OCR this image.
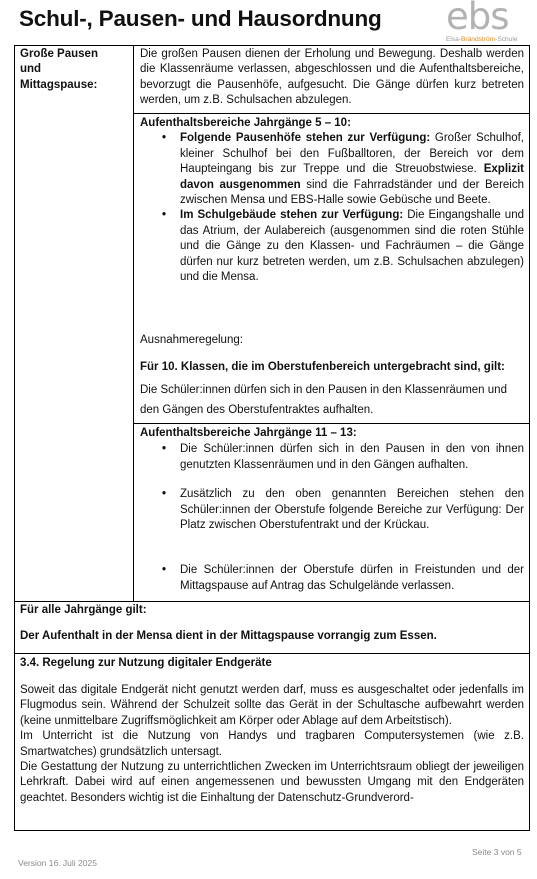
Schul-, Pausen- und Hausordnung ebs
Elsa-Brändström-Schule
Große Pausen und Mittagspause:
Die großen Pausen dienen der Erholung und Bewegung. Deshalb werden die Klassenräume verlassen, abgeschlossen und die Aufenthaltsbereiche, bevorzugt die Pausenhöfe, aufgesucht. Die Gänge dürfen kurz betreten werden, um z.B. Schulsachen abzulegen.

Aufenthaltsbereiche Jahrgänge 5 – 10:

• Folgende Pausenhöfe stehen zur Verfügung: Großer Schulhof, kleiner Schulhof bei den Fußballtoren, der Bereich vor dem Haupteingang bis zur Treppe und die Streuobstwiese. Explizit davon ausgenommen sind die Fahrradständer und der Bereich zwischen Mensa und EBS-Halle sowie Gebüsche und Beete.
• Im Schulgebäude stehen zur Verfügung: Die Eingangshalle und das Atrium, der Aulabereich (ausgenommen sind die roten Stühle und die Gänge zu den Klassen- und Fachräumen – die Gänge dürfen nur kurz betreten werden, um z.B. Schulsachen abzulegen) und die Mensa.
Ausnahmeregelung:
Für 10. Klassen, die im Oberstufenbereich untergebracht sind, gilt:
Die Schüler:innen dürfen sich in den Pausen in den Klassenräumen und den Gängen des Oberstufentraktes aufhalten.

Aufenthaltsbereiche Jahrgänge 11 – 13:

• Die Schüler:innen dürfen sich in den Pausen in den von ihnen genutzten Klassenräumen und in den Gängen aufhalten.
• Zusätzlich zu den oben genannten Bereichen stehen den Schüler:innen der Oberstufe folgende Bereiche zur Verfügung: Der Platz zwischen Oberstufentrakt und der Krückau.
• Die Schüler:innen der Oberstufe dürfen in Freistunden und der Mittagspause auf Antrag das Schulgelände verlassen.
Für alle Jahrgänge gilt:
Der Aufenthalt in der Mensa dient in der Mittagspause vorrangig zum Essen.
3.4. Regelung zur Nutzung digitaler Endgeräte

Soweit das digitale Endgerät nicht genutzt werden darf, muss es ausgeschaltet oder jedenfalls im Flugmodus sein. Während der Schulzeit sollte das Gerät in der Schultasche aufbewahrt werden (keine unmittelbare Zugriffsmöglichkeit am Körper oder Ablage auf dem Arbeitstisch).

Im Unterricht ist die Nutzung von Handys und tragbaren Computersystemen (wie z.B. Smartwatches) grundsätzlich untersagt.

Die Gestattung der Nutzung zu unterrichtlichen Zwecken im Unterrichtsraum obliegt der jeweiligen Lehrkraft. Dabei wird auf einen angemessenen und bewussten Umgang mit den Endgeräten geachtet. Besonders wichtig ist die Einhaltung der Datenschutz-Grundverord-

Seite 3 von 5
Version 16. Juli 2025
